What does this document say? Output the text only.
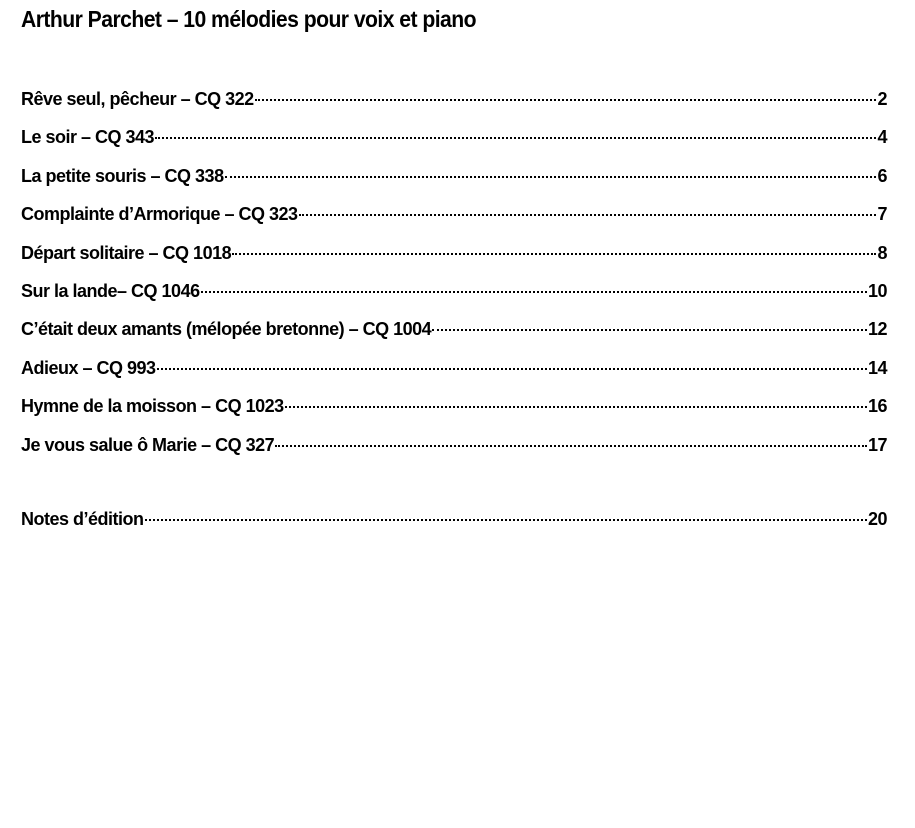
Arthur Parchet – 10 mélodies pour voix et piano
Rêve seul, pêcheur – CQ 322	2
Le soir – CQ 343	4
La petite souris – CQ 338	6
Complainte d’Armorique – CQ 323	7
Départ solitaire – CQ 1018	8
Sur la lande– CQ 1046	10
C’était deux amants (mélopée bretonne) – CQ 1004	12
Adieux – CQ 993	14
Hymne de la moisson – CQ 1023	16
Je vous salue ô Marie – CQ 327	17
Notes d’édition	20
